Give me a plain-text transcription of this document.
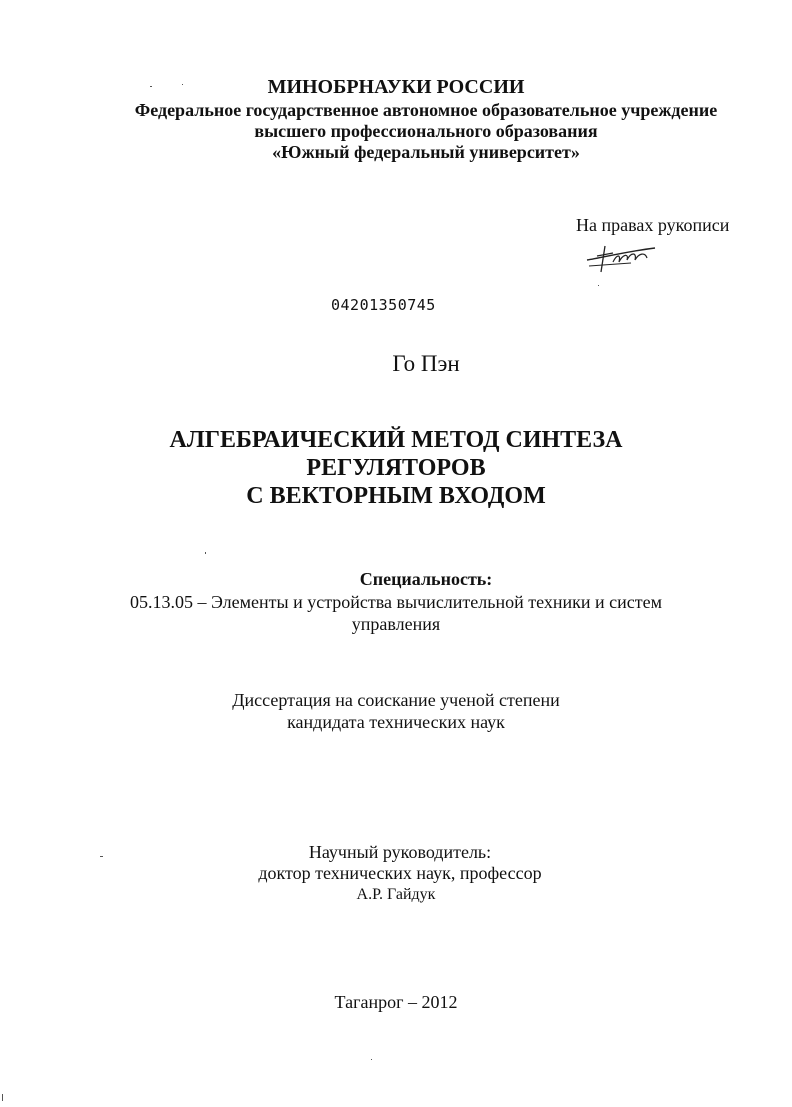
МИНОБРНАУКИ РОССИИ
Федеральное государственное автономное образовательное учреждение
высшего профессионального образования
«Южный федеральный университет»
На правах рукописи
04201350745
Го Пэн
АЛГЕБРАИЧЕСКИЙ МЕТОД СИНТЕЗА
РЕГУЛЯТОРОВ
С ВЕКТОРНЫМ ВХОДОМ
Специальность:
05.13.05 – Элементы и устройства вычислительной техники и систем
управления
Диссертация на соискание ученой степени
кандидата технических наук
Научный руководитель:
доктор технических наук, профессор
А.Р. Гайдук
Таганрог – 2012
